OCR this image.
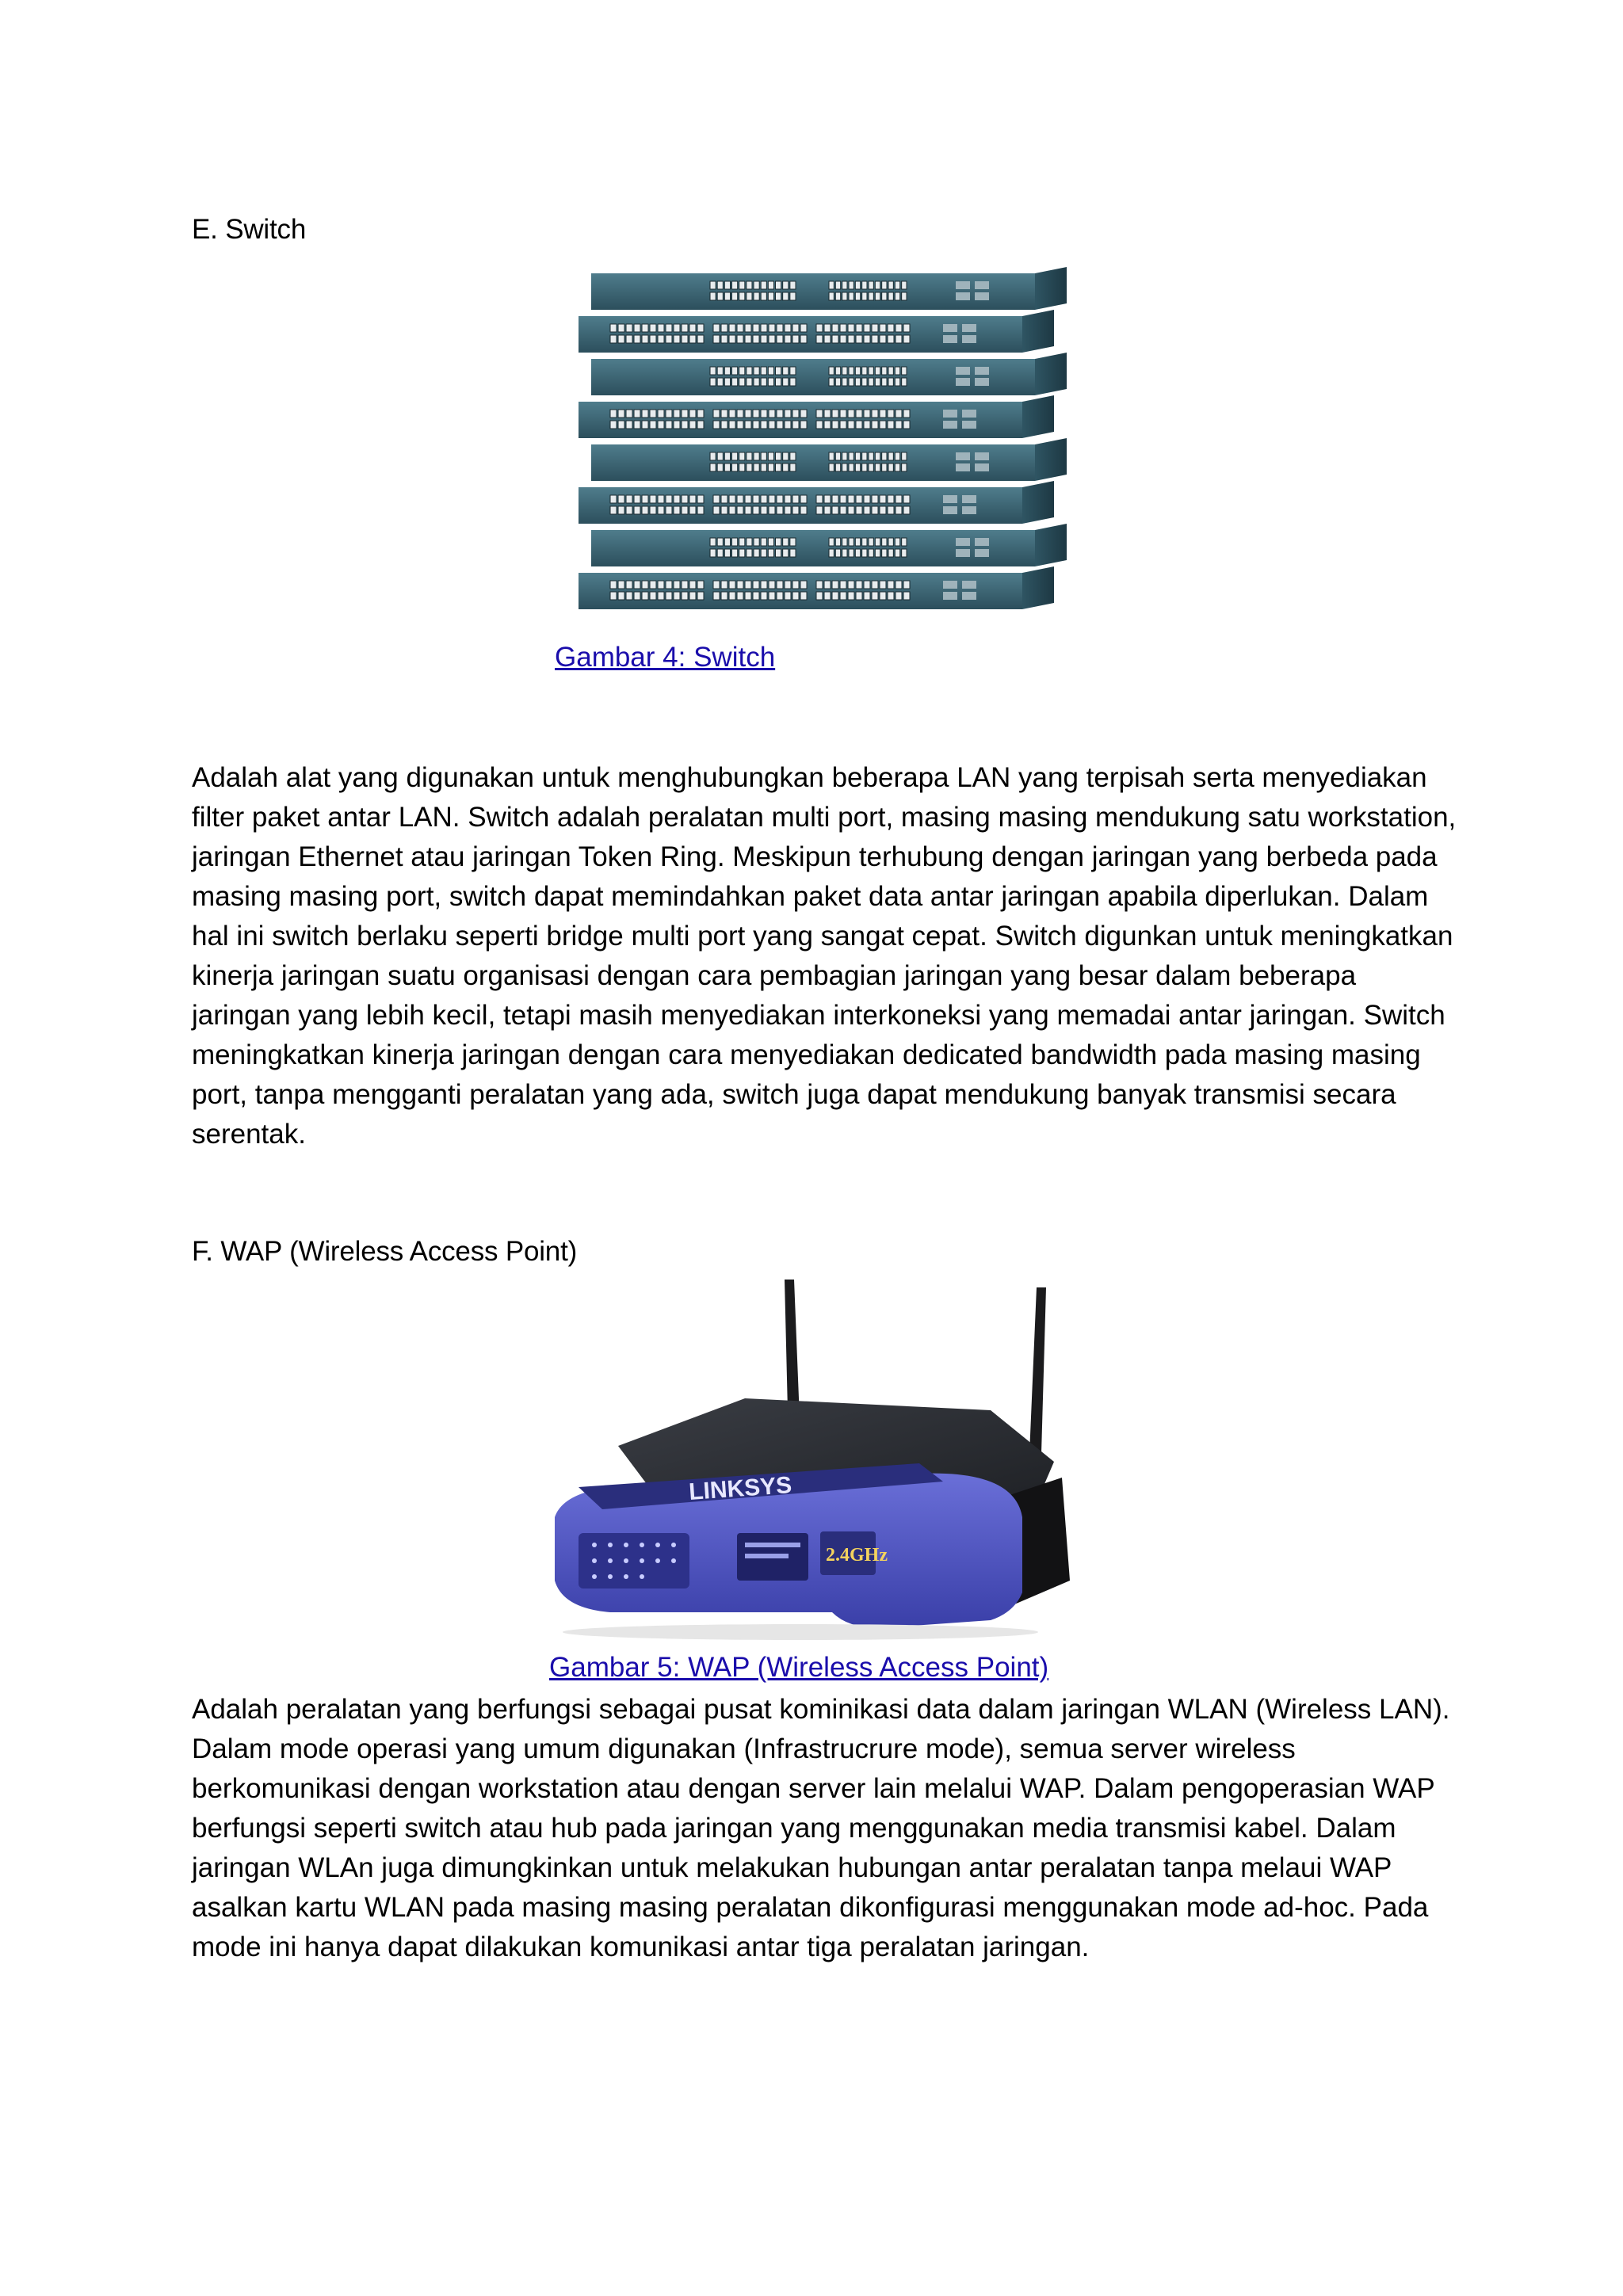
E. Switch
Gambar 4: Switch

Adalah alat yang digunakan untuk menghubungkan beberapa LAN yang terpisah serta menyediakan filter paket antar LAN. Switch adalah peralatan multi port, masing masing mendukung satu workstation, jaringan Ethernet atau jaringan Token Ring. Meskipun terhubung dengan jaringan yang berbeda pada masing masing port, switch dapat memindahkan paket data antar jaringan apabila diperlukan. Dalam hal ini switch berlaku seperti bridge multi port yang sangat cepat. Switch digunkan untuk meningkatkan kinerja jaringan suatu organisasi dengan cara pembagian jaringan yang besar dalam beberapa jaringan yang lebih kecil, tetapi masih menyediakan interkoneksi yang memadai antar jaringan. Switch meningkatkan kinerja jaringan dengan cara menyediakan dedicated bandwidth pada masing masing port, tanpa mengganti peralatan yang ada, switch juga dapat mendukung banyak transmisi secara serentak.

F. WAP (Wireless Access Point)
LINKSYS
2.4GHz
Gambar 5: WAP (Wireless Access Point)

Adalah peralatan yang berfungsi sebagai pusat kominikasi data dalam jaringan WLAN (Wireless LAN). Dalam mode operasi yang umum digunakan (Infrastrucrure mode), semua server wireless berkomunikasi dengan workstation atau dengan server lain melalui WAP. Dalam pengoperasian WAP berfungsi seperti switch atau hub pada jaringan yang menggunakan media transmisi kabel. Dalam jaringan WLAn juga dimungkinkan untuk melakukan hubungan antar peralatan tanpa melaui WAP asalkan kartu WLAN pada masing masing peralatan dikonfigurasi menggunakan mode ad-hoc. Pada mode ini hanya dapat dilakukan komunikasi antar tiga peralatan jaringan.
